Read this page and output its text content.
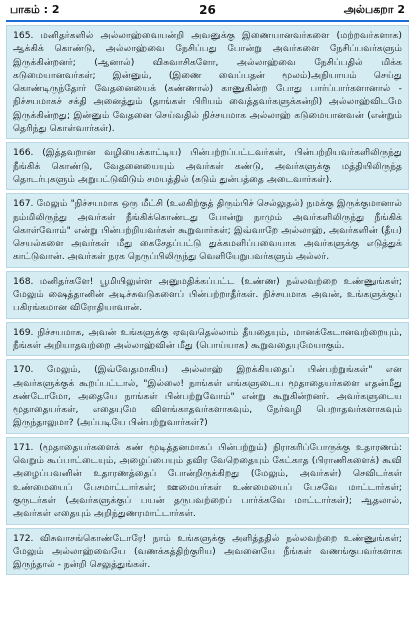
பாகம் : 2	26	அல்பகறா 2
165. மனிதர்களில் அல்லாஹ்வையன்றி அவனுக்கு இணையானவர்களை (மற்றவர்களாக) ஆக்கிக் கொண்டு, அல்லாஹ்வை நேசிப்பது போன்று அவர்களை நேசிப்பவர்களும் இருக்கின்றனர்; (ஆனால்) விசுவாசிகளோ, அல்லாஹ்வை நேசிப்பதில் மிக்க கடுமையானவர்கள்; இன்னும், (இணை வைப்பதன் மூலம்)அநியாயம் செய்து கொண்டிருந்தோர் வேதனையைக் (கண்ணால்) காணுகின்ற போது பார்ப்பார்களானால் - நிச்சயமாகச் சக்தி அனைத்தும் (தாங்கள் பிரியம் வைத்தவர்களுக்கன்றி) அல்லாஹ்விடமே இருக்கின்றது; இன்னும் வேதனை செய்வதில் நிச்சயமாக அல்லாஹ் கடுமையானவன் (என்றும் தெரிந்து கொள்வார்கள்).
166. (இத்தவறான வழியைக்காட்டிய) பின்பற்றப்பட்டவர்கள், பின்பற்றியவர்களிலிருந்து நீங்கிக் கொண்டு, வேதனையையும் அவர்கள் கண்டு, அவர்களுக்கு மத்தியிலிருந்த தொடர்புகளும் அறுபட்டுவிடும் சமயத்தில் (கடும் துன்பத்தை அடைவார்கள்).
167. மேலும் "நிச்சயமாக ஒரு மீட்சி (உலகிற்குத் திரும்பிச் செல்லுதல்) நமக்கு இருக்குமானால் நம்மிலிருந்து அவர்கள் நீங்கிக்கொண்டது போன்று நாமும் அவர்களிலிருந்து நீங்கிக் கொள்வோம்" என்று பின்பற்றியவர்கள் கூறுவார்கள்; இவ்வாறே அல்லாஹ், அவர்களின் (தீய) செயல்களை அவர்கள் மீது கைசேதப்பட்டு துக்கமளிப்பவையாக அவர்களுக்கு எடுத்துக் காட்டுவான். அவர்கள் நரக நெருப்பிலிருந்து வெளியேறுபவர்களும் அல்லர்.
168. மனிதர்களே! பூமியிலுள்ள அனுமதிக்கப்பட்ட (உண்ண) நல்லவற்றை உண்ணுங்கள்; மேலும் ஷைத்தானின் அடிச்சுவடுகளைப் பின்பற்றாதீர்கள். நிச்சயமாக அவன், உங்களுக்குப் பகிரங்கமான விரோதியாவான்.
169. நிச்சயமாக, அவன் உங்களுக்கு ஏவுவதெல்லாம் தீயதையும், மானக்கேடானவற்றையும், நீங்கள் அறியாதவற்றை அல்லாஹ்வின் மீது (பொய்யாக) கூறுவதையுமேயாகும்.
170. மேலும், (இவ்வேதமாகிய) அல்லாஹ் இறக்கியதைப் பின்பற்றுங்கள்" என அவர்களுக்குக் கூறப்பட்டால், "இல்லை! நாங்கள் எங்களுடைய மூதாதையர்களை எதன்மீது கண்டோமோ, அதையே நாங்கள் பின்பற்றுவோம்" என்று கூறுகின்றனர். அவர்களுடைய மூதாதையர்கள், எதையுமே விளங்காதவர்களாகவும், நேர்வழி பெறாதவர்களாகவும் இருந்தாலுமா? (அப்படியே பின்பற்றுவார்கள்?)
171. (மூதாதையர்களைக் கண் மூடித்தனமாகப் பின்பற்றும்) நிராகரிப்போருக்கு உதாரணம்: வெறும் கூப்பாட்டையும், அழைப்பையும் தவிர வேறெதையும் கேட்காத (பிராணிகளைக்) கூவி அழைப்பவனின் உதாரணத்தைப் போன்றிருக்கிறது (மேலும், அவர்கள்) செவிடர்கள் உண்மையைப் பேசமாட்டார்கள்; ஊமையர்கள் உண்மையைப் பேசவே மாட்டார்கள்; குருடர்கள் (அவர்களுக்குப் பயன் தருபவற்றைப் பார்க்கவே மாட்டார்கள்); ஆதலால், அவர்கள் எதையும் அறிந்துணரமாட்டார்கள்.
172. விசுவாசங்கொண்டோரே! நாம் உங்களுக்கு அளித்ததில் நல்லவற்றை உண்ணுங்கள்; மேலும் அல்லாஹ்வையே (வணக்கத்திற்குரிய) அவனையே நீங்கள் வணங்குபவர்களாக இருந்தால் - நன்றி செலுத்துங்கள்.
